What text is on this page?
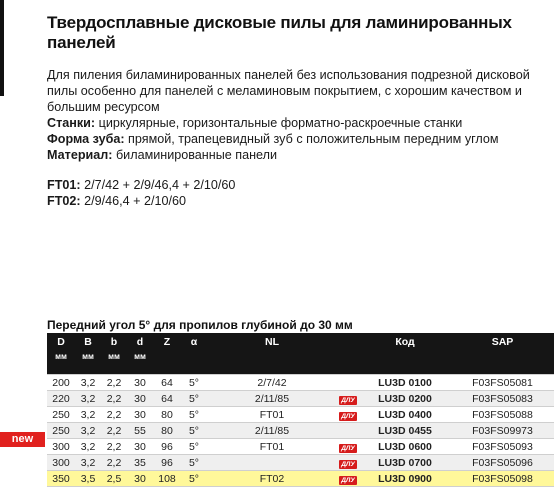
Твердосплавные дисковые пилы для ламинированных панелей

Для пиления биламинированных панелей без использования подрезной дисковой пилы особенно для панелей с меламиновым покрытием, с хорошим качеством и большим ресурсом

Станки: циркулярные, горизонтальные форматно-раскроечные станки

Форма зуба: прямой, трапецевидный зуб с положительным передним углом

Материал: биламинированные панели

FT01: 2/7/42 + 2/9/46,4 + 2/10/60

FT02: 2/9/46,4 + 2/10/60

Передний угол 5° для пропилов глубиной до 30 мм
D	B	b	d	Z	α	NL		Код	SAP
мм	мм	мм	мм						

200	3,2	2,2	30	64	5°	2/7/42		LU3D 0100	F03FS05081
220	3,2	2,2	30	64	5°	2/11/85	ДЛУ	LU3D 0200	F03FS05083
250	3,2	2,2	30	80	5°	FT01	ДЛУ	LU3D 0400	F03FS05088
250	3,2	2,2	55	80	5°	2/11/85		LU3D 0455	F03FS09973
300	3,2	2,2	30	96	5°	FT01	ДЛУ	LU3D 0600	F03FS05093
300	3,2	2,2	35	96	5°		ДЛУ	LU3D 0700	F03FS05096
350	3,5	2,5	30	108	5°	FT02	ДЛУ	LU3D 0900	F03FS05098
new
